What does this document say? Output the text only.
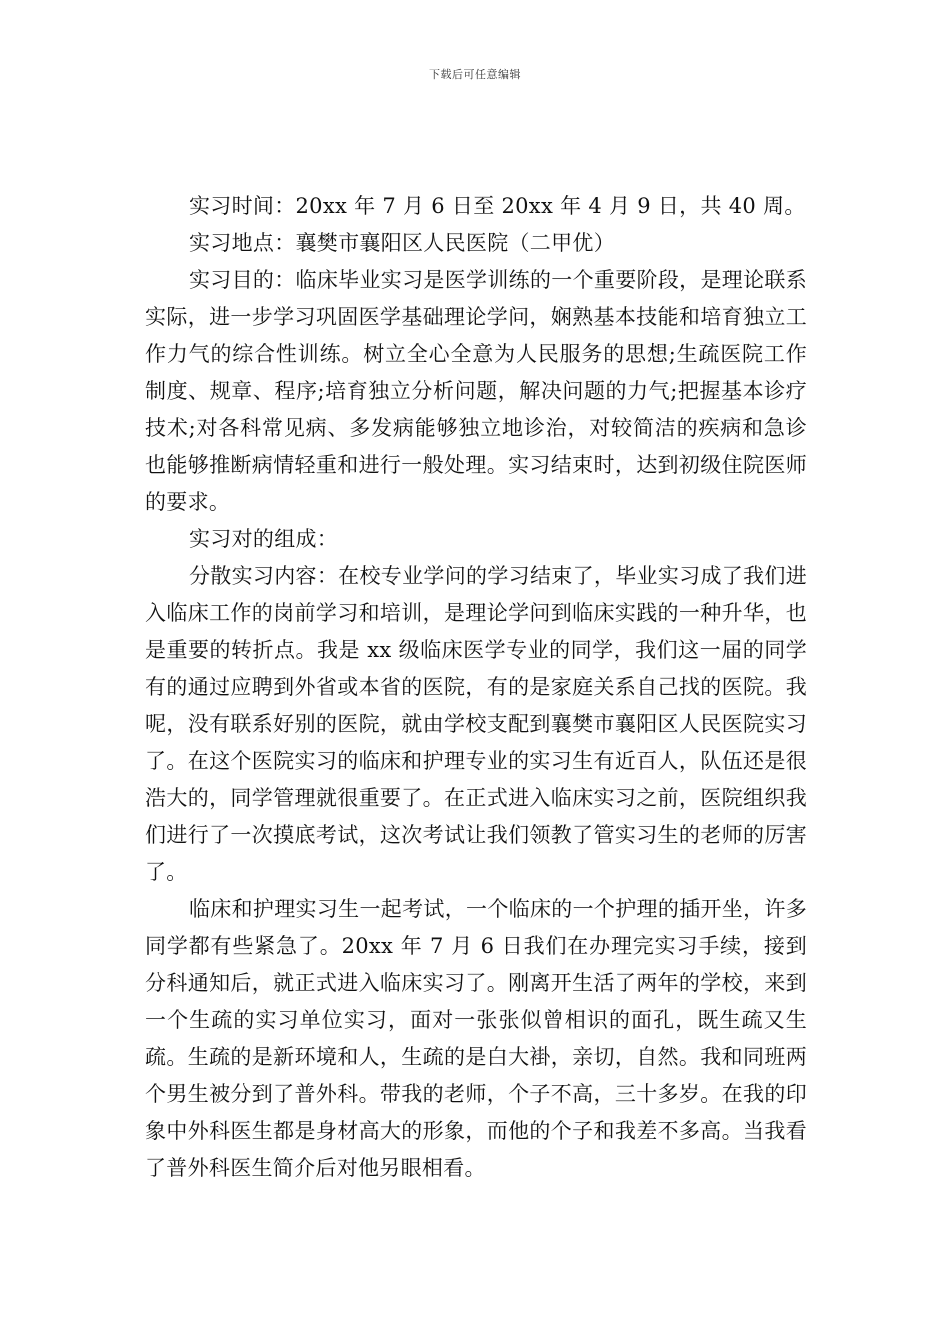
下载后可任意编辑

实习时间：20xx 年 7 月 6 日至 20xx 年 4 月 9 日，共 40 周。

实习地点：襄樊市襄阳区人民医院（二甲优）

实习目的：临床毕业实习是医学训练的一个重要阶段，是理论联系实际，进一步学习巩固医学基础理论学问，娴熟基本技能和培育独立工作力气的综合性训练。树立全心全意为人民服务的思想;生疏医院工作制度、规章、程序;培育独立分析问题，解决问题的力气;把握基本诊疗技术;对各科常见病、多发病能够独立地诊治，对较简洁的疾病和急诊也能够推断病情轻重和进行一般处理。实习结束时，达到初级住院医师的要求。

实习对的组成：

分散实习内容：在校专业学问的学习结束了，毕业实习成了我们进入临床工作的岗前学习和培训，是理论学问到临床实践的一种升华，也是重要的转折点。我是 xx 级临床医学专业的同学，我们这一届的同学有的通过应聘到外省或本省的医院，有的是家庭关系自己找的医院。我呢，没有联系好别的医院，就由学校支配到襄樊市襄阳区人民医院实习了。在这个医院实习的临床和护理专业的实习生有近百人，队伍还是很浩大的，同学管理就很重要了。在正式进入临床实习之前，医院组织我们进行了一次摸底考试，这次考试让我们领教了管实习生的老师的厉害了。

临床和护理实习生一起考试，一个临床的一个护理的插开坐，许多同学都有些紧急了。20xx 年 7 月 6 日我们在办理完实习手续，接到分科通知后，就正式进入临床实习了。刚离开生活了两年的学校，来到一个生疏的实习单位实习，面对一张张似曾相识的面孔，既生疏又生疏。生疏的是新环境和人，生疏的是白大褂，亲切，自然。我和同班两个男生被分到了普外科。带我的老师，个子不高，三十多岁。在我的印象中外科医生都是身材高大的形象，而他的个子和我差不多高。当我看了普外科医生简介后对他另眼相看。
